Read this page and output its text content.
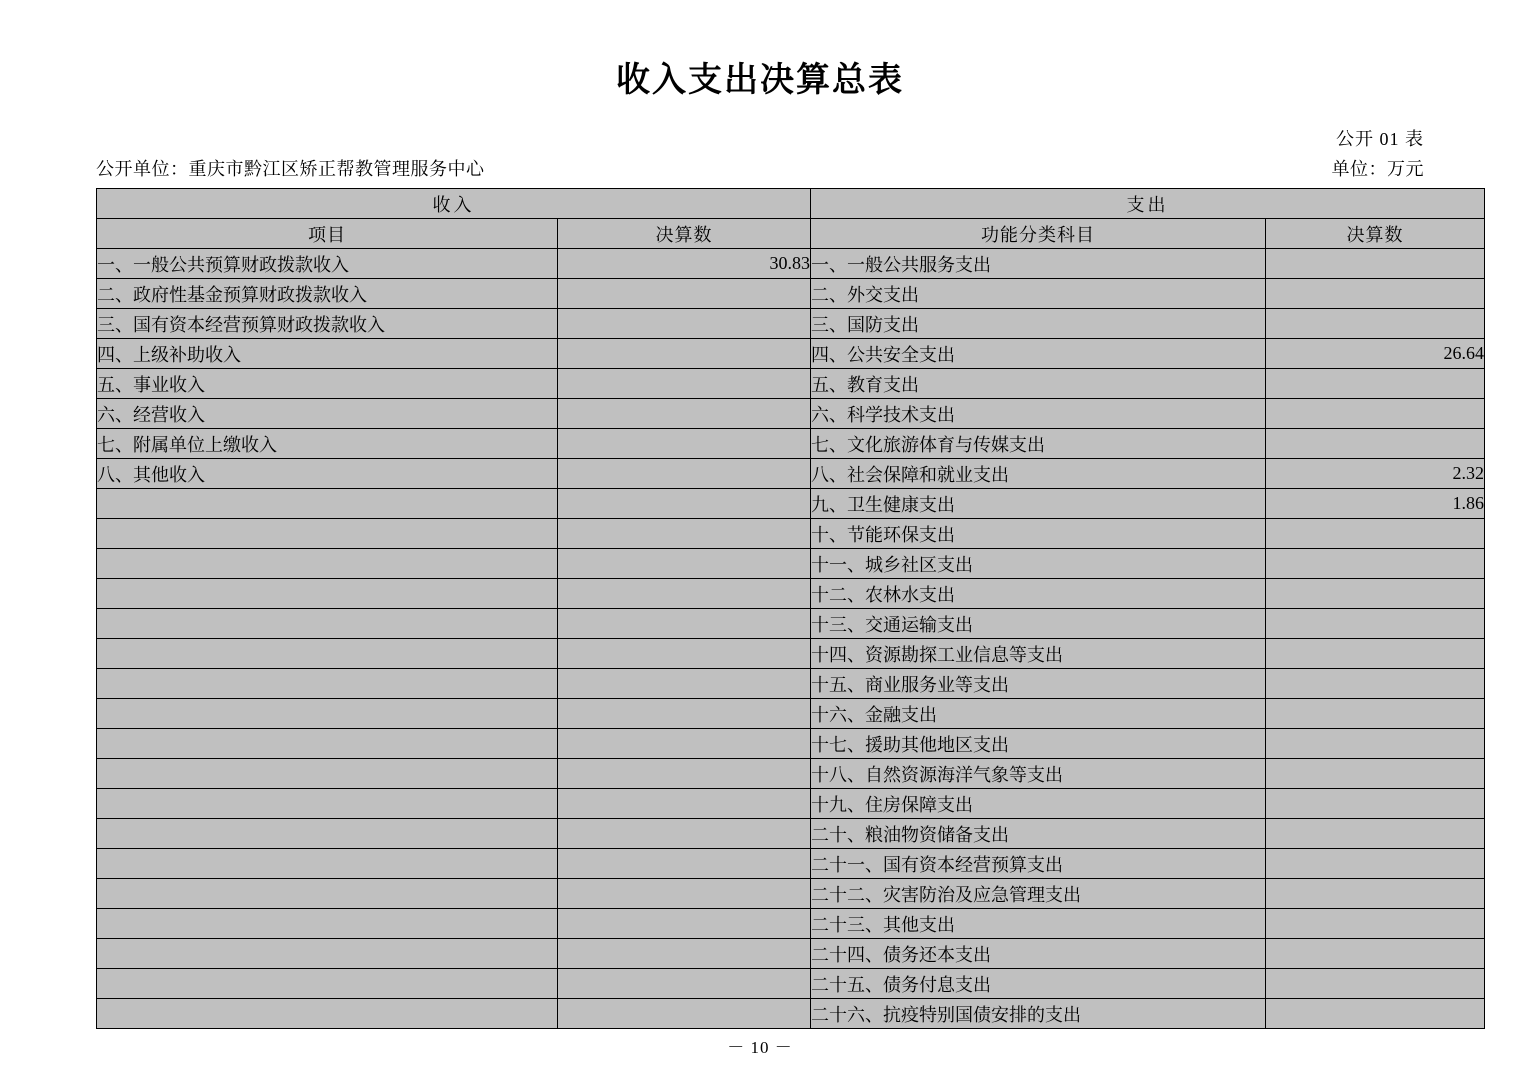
收入支出决算总表
公开 01 表
公开单位：重庆市黔江区矫正帮教管理服务中心	单位：万元
收入		支出	
项目	决算数	功能分类科目	决算数
一、一般公共预算财政拨款收入	30.83	一、一般公共服务支出	
二、政府性基金预算财政拨款收入		二、外交支出	
三、国有资本经营预算财政拨款收入		三、国防支出	
四、上级补助收入		四、公共安全支出	26.64
五、事业收入		五、教育支出	
六、经营收入		六、科学技术支出	
七、附属单位上缴收入		七、文化旅游体育与传媒支出	
八、其他收入		八、社会保障和就业支出	2.32
		九、卫生健康支出	1.86
		十、节能环保支出	
		十一、城乡社区支出	
		十二、农林水支出	
		十三、交通运输支出	
		十四、资源勘探工业信息等支出	
		十五、商业服务业等支出	
		十六、金融支出	
		十七、援助其他地区支出	
		十八、自然资源海洋气象等支出	
		十九、住房保障支出	
		二十、粮油物资储备支出	
		二十一、国有资本经营预算支出	
		二十二、灾害防治及应急管理支出	
		二十三、其他支出	
		二十四、债务还本支出	
		二十五、债务付息支出	
		二十六、抗疫特别国债安排的支出	
－ 10 －
